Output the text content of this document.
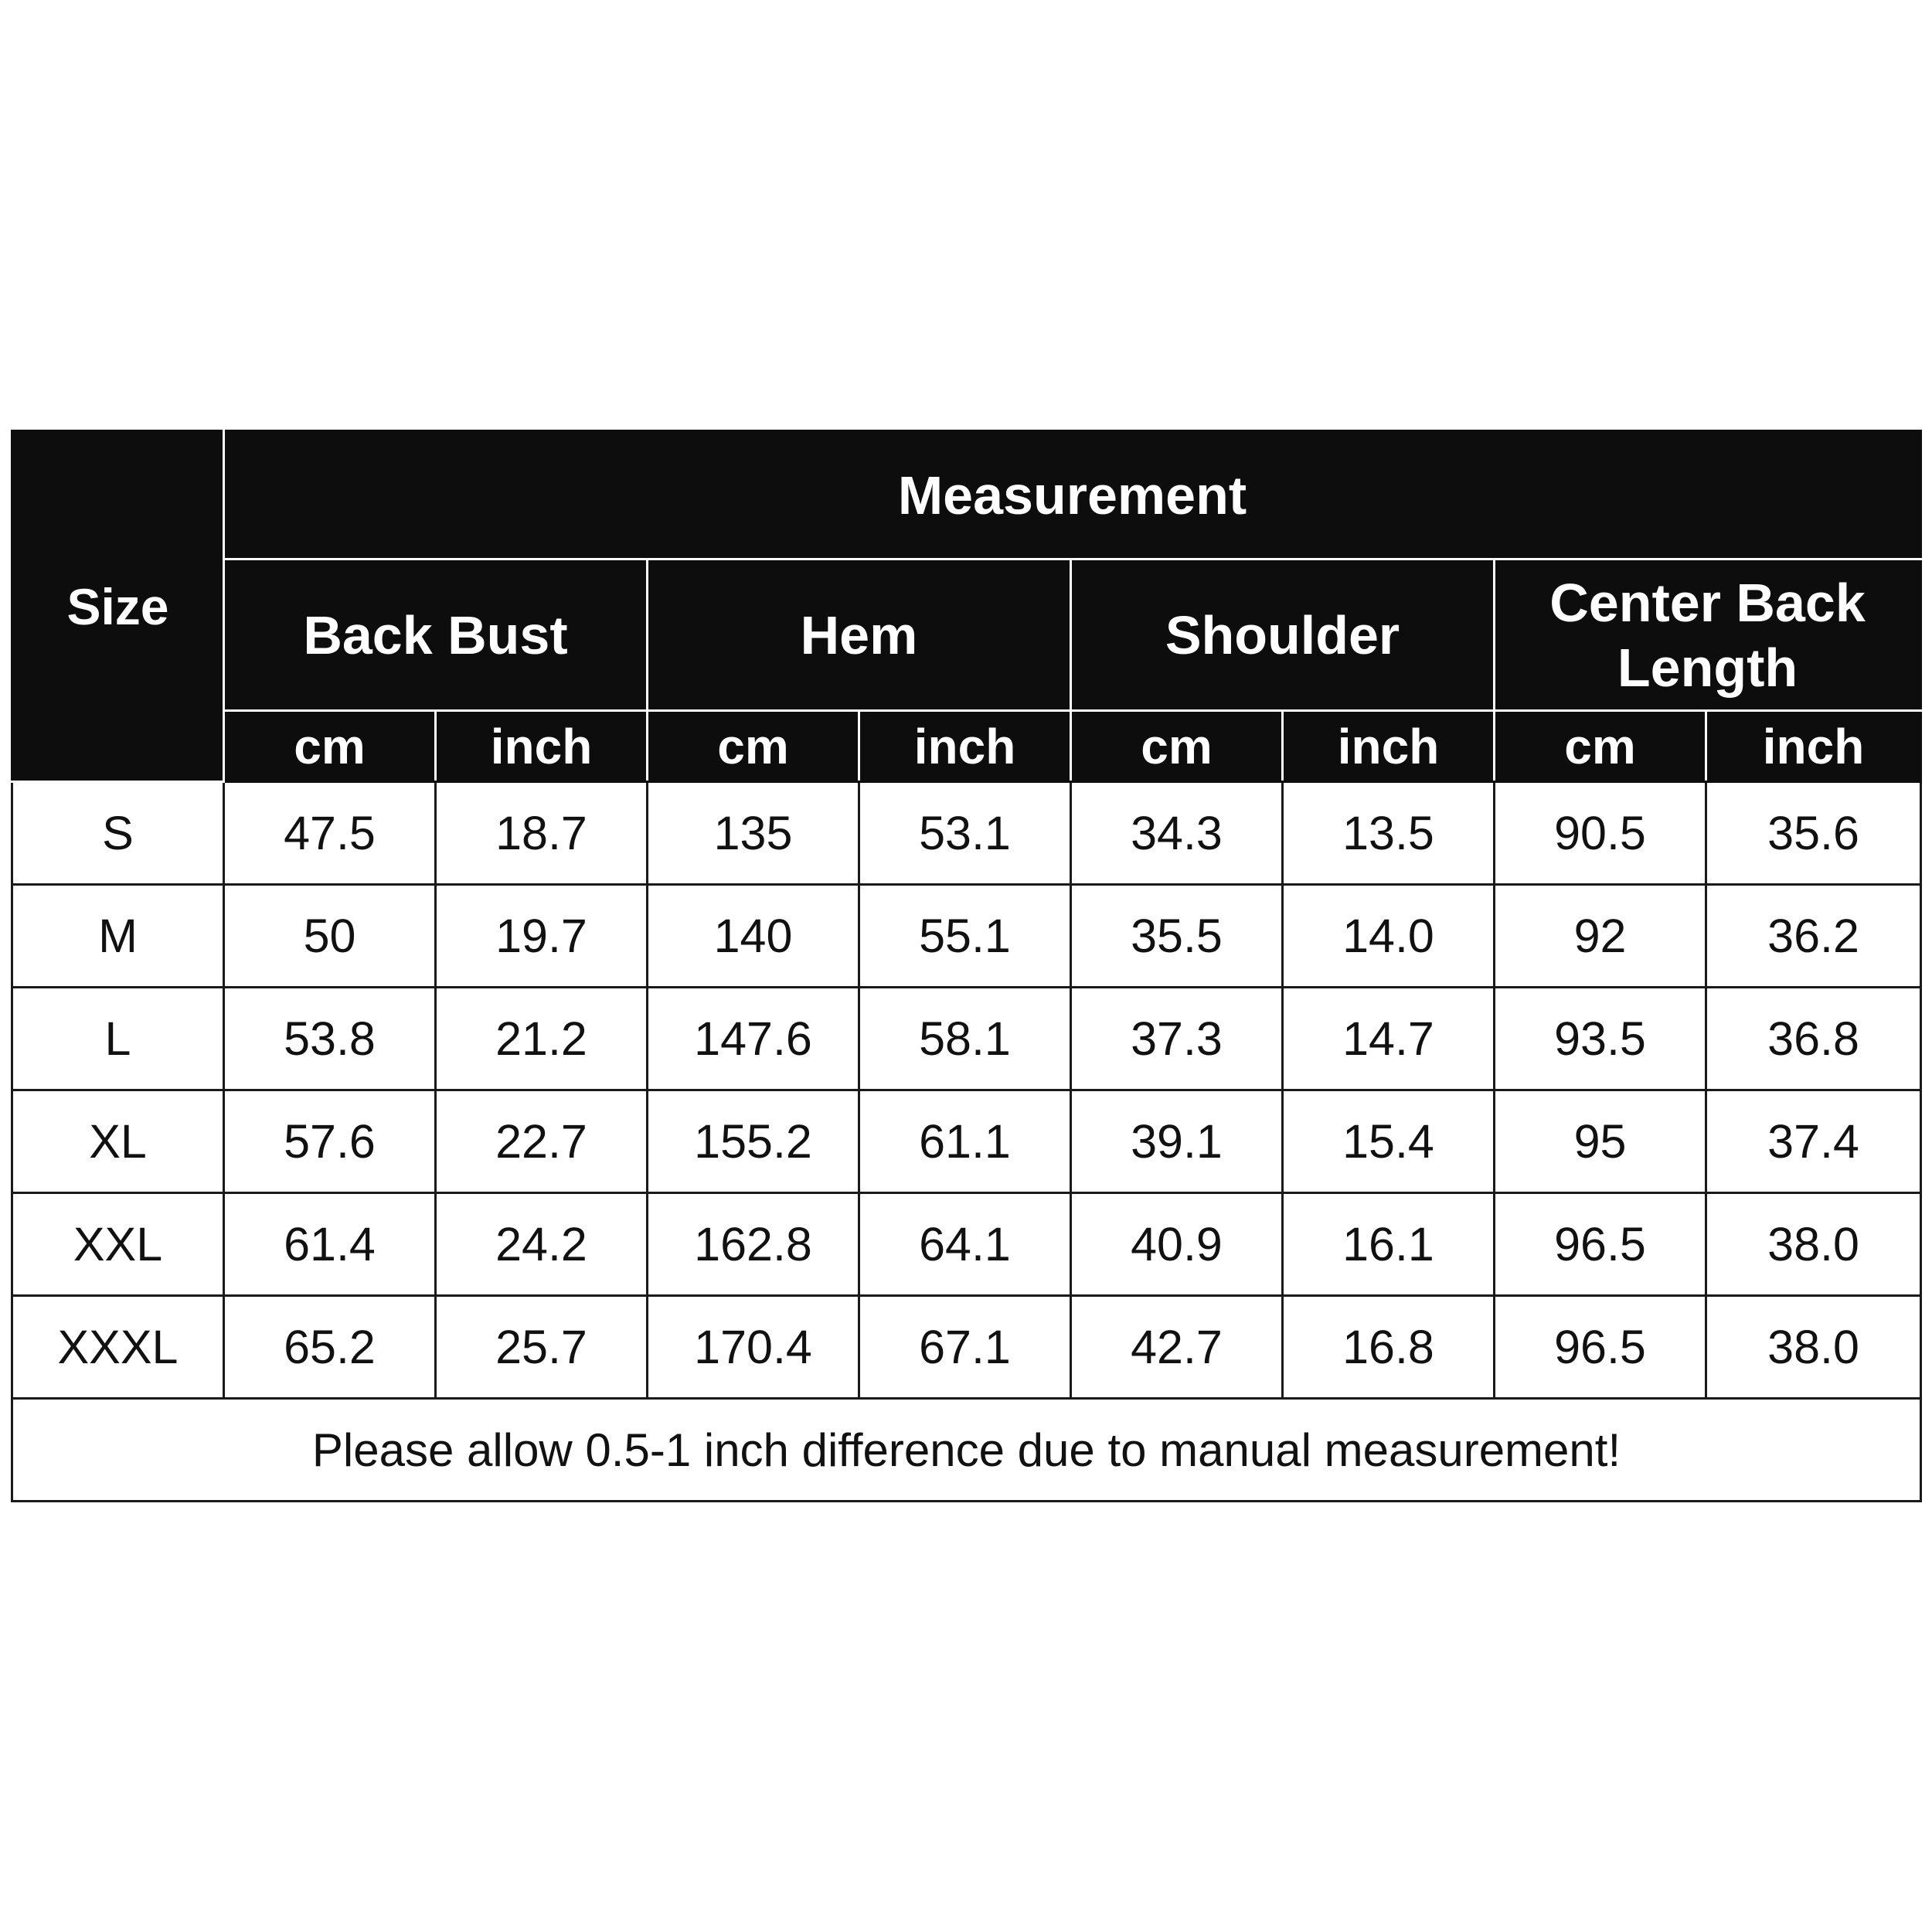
Size	Measurement							
	Back Bust		Hem		Shoulder		Center Back Length	
	cm	inch	cm	inch	cm	inch	cm	inch
S	47.5	18.7	135	53.1	34.3	13.5	90.5	35.6
M	50	19.7	140	55.1	35.5	14.0	92	36.2
L	53.8	21.2	147.6	58.1	37.3	14.7	93.5	36.8
XL	57.6	22.7	155.2	61.1	39.1	15.4	95	37.4
XXL	61.4	24.2	162.8	64.1	40.9	16.1	96.5	38.0
XXXL	65.2	25.7	170.4	67.1	42.7	16.8	96.5	38.0
Please allow 0.5-1 inch difference due to manual measurement!								
